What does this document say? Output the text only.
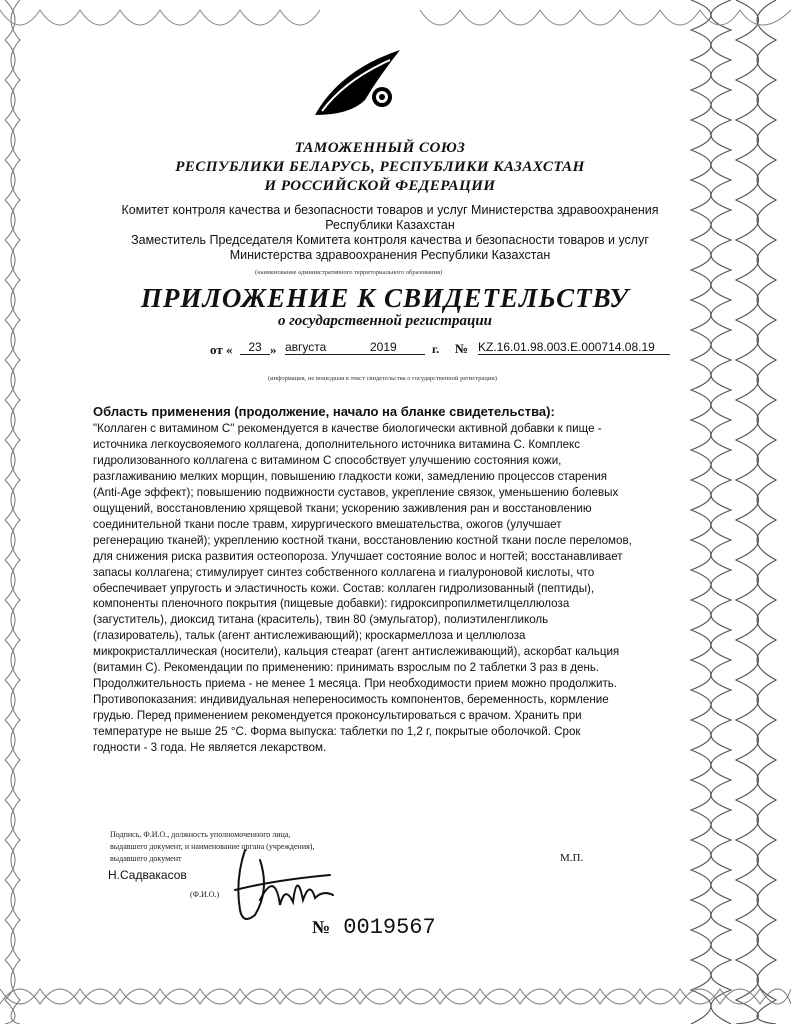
ТАМОЖЕННЫЙ СОЮЗ
РЕСПУБЛИКИ БЕЛАРУСЬ, РЕСПУБЛИКИ КАЗАХСТАН
И РОССИЙСКОЙ ФЕДЕРАЦИИ
Комитет контроля качества и безопасности товаров и услуг Министерства здравоохранения
Республики Казахстан
Заместитель Председателя Комитета контроля качества и безопасности товаров и услуг
Министерства здравоохранения Республики Казахстан
(наименование административного территориального образования)
ПРИЛОЖЕНИЕ К СВИДЕТЕЛЬСТВУ
о государственной регистрации
от «	23 » августа	2019	г. № KZ.16.01.98.003.E.000714.08.19
(информация, не вошедшая в текст свидетельства о государственной регистрации)
Область применения (продолжение, начало на бланке свидетельства):
"Коллаген с витамином С" рекомендуется в качестве биологически активной добавки к пище -
источника легкоусвояемого коллагена, дополнительного источника витамина С. Комплекс
гидролизованного коллагена с витамином С способствует улучшению состояния кожи,
разглаживанию мелких морщин, повышению гладкости кожи, замедлению процессов старения
(Anti-Age эффект); повышению подвижности суставов, укрепление связок, уменьшению болевых
ощущений, восстановлению хрящевой ткани; ускорению заживления ран и восстановлению
соединительной ткани после травм, хирургического вмешательства, ожогов (улучшает
регенерацию тканей); укреплению костной ткани, восстановлению костной ткани после переломов,
для снижения риска развития остеопороза. Улучшает состояние волос и ногтей; восстанавливает
запасы коллагена; стимулирует синтез собственного коллагена и гиалуроновой кислоты, что
обеспечивает упругость и эластичность кожи. Состав: коллаген гидролизованный (пептиды),
компоненты пленочного покрытия (пищевые добавки): гидроксипропилметилцеллюлоза
(загуститель), диоксид титана (краситель), твин 80 (эмульгатор), полиэтиленгликоль
(глазирователь), тальк (агент антислеживающий); кроскармеллоза и целлюлоза
микрокристаллическая (носители), кальция стеарат (агент антислеживающий), аскорбат кальция
(витамин С). Рекомендации по применению: принимать взрослым по 2 таблетки 3 раз в день.
Продолжительность приема - не менее 1 месяца. При необходимости прием можно продолжить.
Противопоказания: индивидуальная непереносимость компонентов, беременность, кормление
грудью. Перед применением рекомендуется проконсультироваться с врачом. Хранить при
температуре не выше 25 °С. Форма выпуска: таблетки по 1,2 г, покрытые оболочкой. Срок
годности - 3 года. Не является лекарством.
Подпись, Ф.И.О., должность уполномоченного лица,
выдавшего документ, и наименование органа (учреждения),
выдавшего документ
Н.Садвакасов
(Ф.И.О.)
М.П.
№ 0019567
